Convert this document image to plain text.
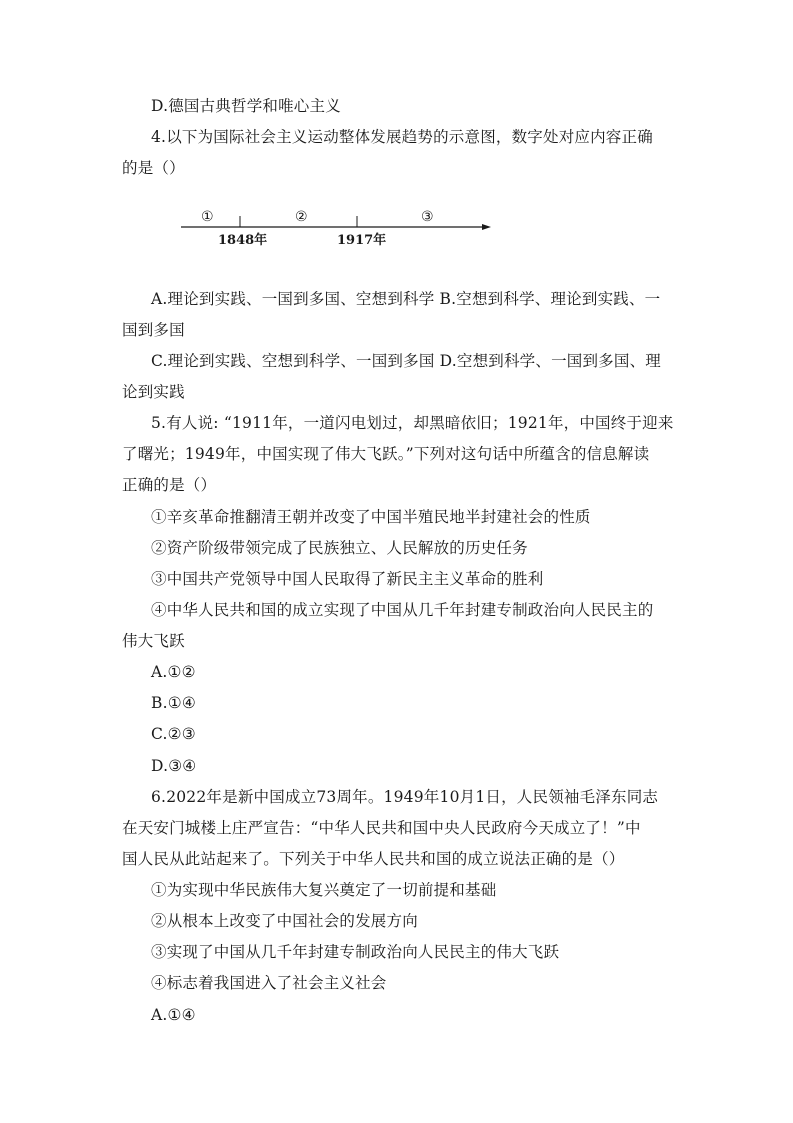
D.德国古典哲学和唯心主义
4.以下为国际社会主义运动整体发展趋势的示意图，数字处对应内容正确
的是（）
①	②	③
1848年	1917年
A.理论到实践、一国到多国、空想到科学 B.空想到科学、理论到实践、一
国到多国
C.理论到实践、空想到科学、一国到多国 D.空想到科学、一国到多国、理
论到实践
5.有人说: “1911年，一道闪电划过，却黑暗依旧；1921年，中国终于迎来
了曙光；1949年，中国实现了伟大飞跃。”下列对这句话中所蕴含的信息解读
正确的是（）
①辛亥革命推翻清王朝并改变了中国半殖民地半封建社会的性质
②资产阶级带领完成了民族独立、人民解放的历史任务
③中国共产党领导中国人民取得了新民主主义革命的胜利
④中华人民共和国的成立实现了中国从几千年封建专制政治向人民民主的
伟大飞跃
A.①②
B.①④
C.②③
D.③④
6.2022年是新中国成立73周年。1949年10月1日，人民领袖毛泽东同志
在天安门城楼上庄严宣告：“中华人民共和国中央人民政府今天成立了！”中
国人民从此站起来了。下列关于中华人民共和国的成立说法正确的是（）
①为实现中华民族伟大复兴奠定了一切前提和基础
②从根本上改变了中国社会的发展方向
③实现了中国从几千年封建专制政治向人民民主的伟大飞跃
④标志着我国进入了社会主义社会
A.①④
